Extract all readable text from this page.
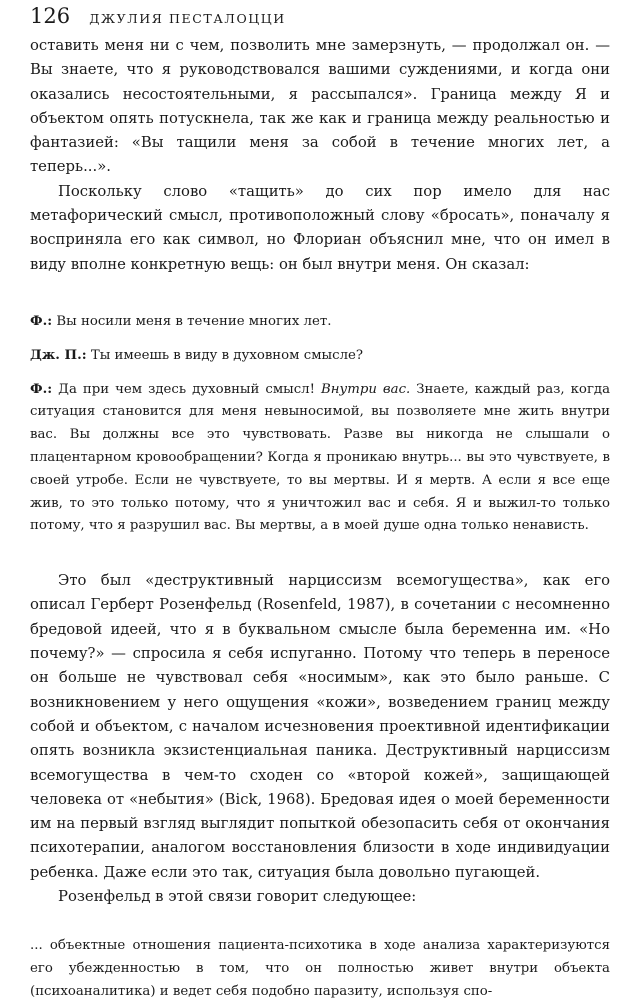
126 ДЖУЛИЯ ПЕСТАЛОЦЦИ

оставить меня ни с чем, позволить мне замерзнуть, — продолжал он. — Вы знаете, что я руководствовался вашими суждениями, и когда они оказались несостоятельными, я рассыпался». Граница между Я и объектом опять потускнела, так же как и граница между реальностью и фантазией: «Вы тащили меня за собой в течение многих лет, а теперь...».

Поскольку слово «тащить» до сих пор имело для нас метафорический смысл, противоположный слову «бросать», поначалу я восприняла его как символ, но Флориан объяснил мне, что он имел в виду вполне конкретную вещь: он был внутри меня. Он сказал:

Ф.: Вы носили меня в течение многих лет.

Дж. П.: Ты имеешь в виду в духовном смысле?

Ф.: Да при чем здесь духовный смысл! Внутри вас. Знаете, каждый раз, когда ситуация становится для меня невыносимой, вы позволяете мне жить внутри вас. Вы должны все это чувствовать. Разве вы никогда не слышали о плацентарном кровообращении? Когда я проникаю внутрь... вы это чувствуете, в своей утробе. Если не чувствуете, то вы мертвы. И я мертв. А если я все еще жив, то это только потому, что я уничтожил вас и себя. Я и выжил-то только потому, что я разрушил вас. Вы мертвы, а в моей душе одна только ненависть.

Это был «деструктивный нарциссизм всемогущества», как его описал Герберт Розенфельд (Rosenfeld, 1987), в сочетании с несомненно бредовой идеей, что я в буквальном смысле была беременна им. «Но почему?» — спросила я себя испуганно. Потому что теперь в переносе он больше не чувствовал себя «носимым», как это было раньше. С возникновением у него ощущения «кожи», возведением границ между собой и объектом, с началом исчезновения проективной идентификации опять возникла экзистенциальная паника. Деструктивный нарциссизм всемогущества в чем-то сходен со «второй кожей», защищающей человека от «небытия» (Bick, 1968). Бредовая идея о моей беременности им на первый взгляд выглядит попыткой обезопасить себя от окончания психотерапии, аналогом восстановления близости в ходе индивидуации ребенка. Даже если это так, ситуация была довольно пугающей.

Розенфельд в этой связи говорит следующее:

... объектные отношения пациента-психотика в ходе анализа характеризуются его убежденностью в том, что он полностью живет внутри объекта (психоаналитика) и ведет себя подобно паразиту, используя спо-
